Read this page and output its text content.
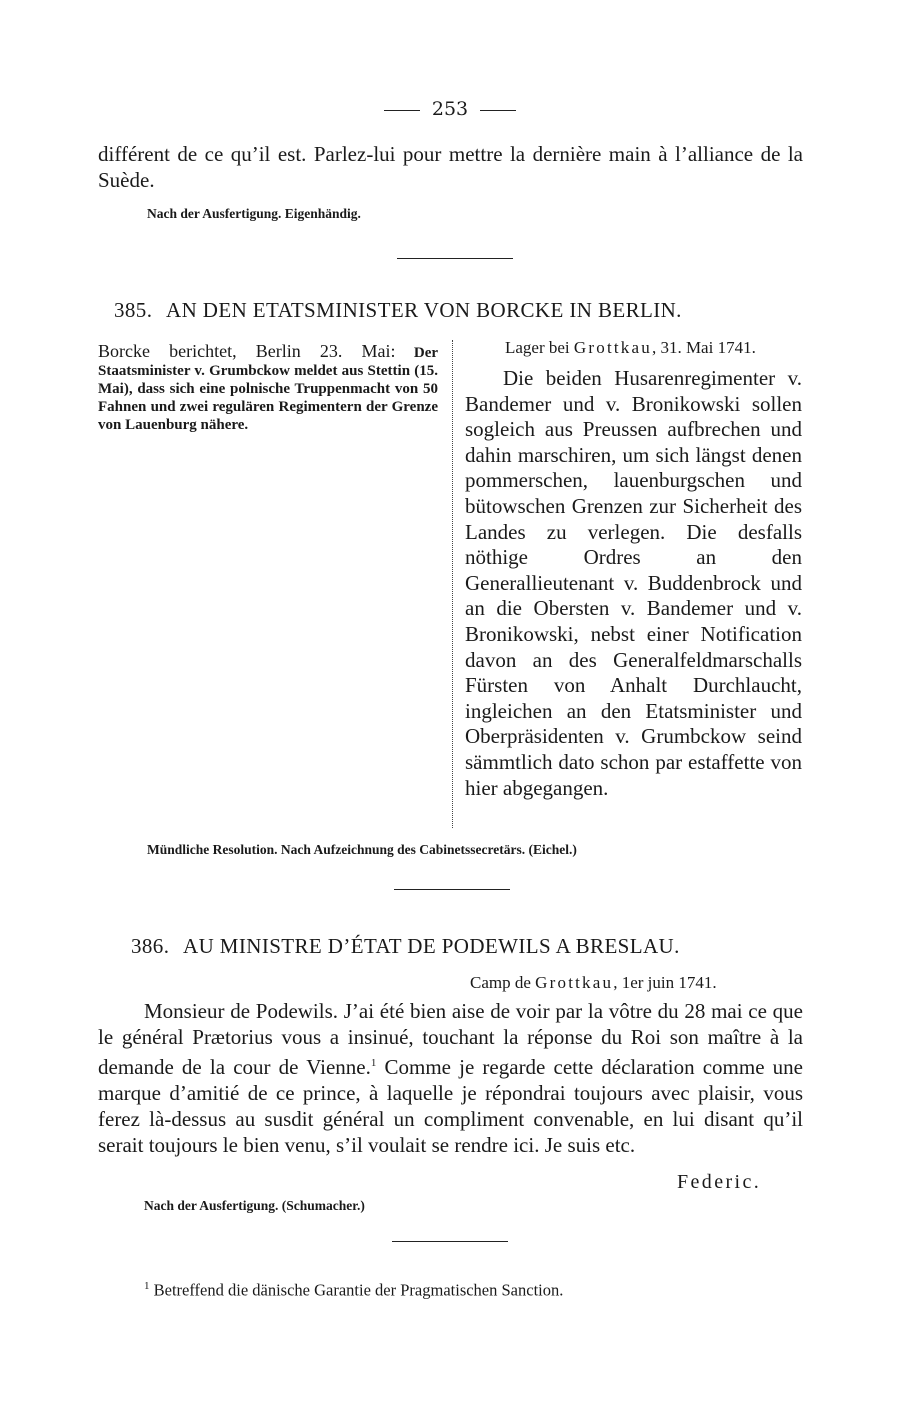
253
différent de ce qu’il est. Parlez-lui pour mettre la dernière main à l’alliance de la Suède.
Nach der Ausfertigung. Eigenhändig.
385. AN DEN ETATSMINISTER VON BORCKE IN BERLIN.
Borcke berichtet, Berlin 23. Mai: Der Staatsminister v. Grumbckow meldet aus Stettin (15. Mai), dass sich eine polnische Truppenmacht von 50 Fahnen und zwei regulären Regimentern der Grenze von Lauenburg nähere.
Lager bei Grottkau, 31. Mai 1741.
Die beiden Husarenregimenter v. Bandemer und v. Bronikowski sollen sogleich aus Preussen aufbrechen und dahin marschiren, um sich längst denen pommerschen, lauenburgschen und bütowschen Grenzen zur Sicherheit des Landes zu verlegen. Die desfalls nöthige Ordres an den Generallieutenant v. Buddenbrock und an die Obersten v. Bandemer und v. Bronikowski, nebst einer Notification davon an des Generalfeldmarschalls Fürsten von Anhalt Durchlaucht, ingleichen an den Etatsminister und Oberpräsidenten v. Grumbckow seind sämmtlich dato schon par estaffette von hier abgegangen.
Mündliche Resolution. Nach Aufzeichnung des Cabinetssecretärs. (Eichel.)
386. AU MINISTRE D’ÉTAT DE PODEWILS A BRESLAU.
Camp de Grottkau, 1er juin 1741.
Monsieur de Podewils. J’ai été bien aise de voir par la vôtre du 28 mai ce que le général Prætorius vous a insinué, touchant la réponse du Roi son maître à la demande de la cour de Vienne.$^1$ Comme je regarde cette déclaration comme une marque d’amitié de ce prince, à laquelle je répondrai toujours avec plaisir, vous ferez là-dessus au susdit général un compliment convenable, en lui disant qu’il serait toujours le bien venu, s’il voulait se rendre ici. Je suis etc.
Federic.
Nach der Ausfertigung. (Schumacher.)
$^1$ Betreffend die dänische Garantie der Pragmatischen Sanction.
